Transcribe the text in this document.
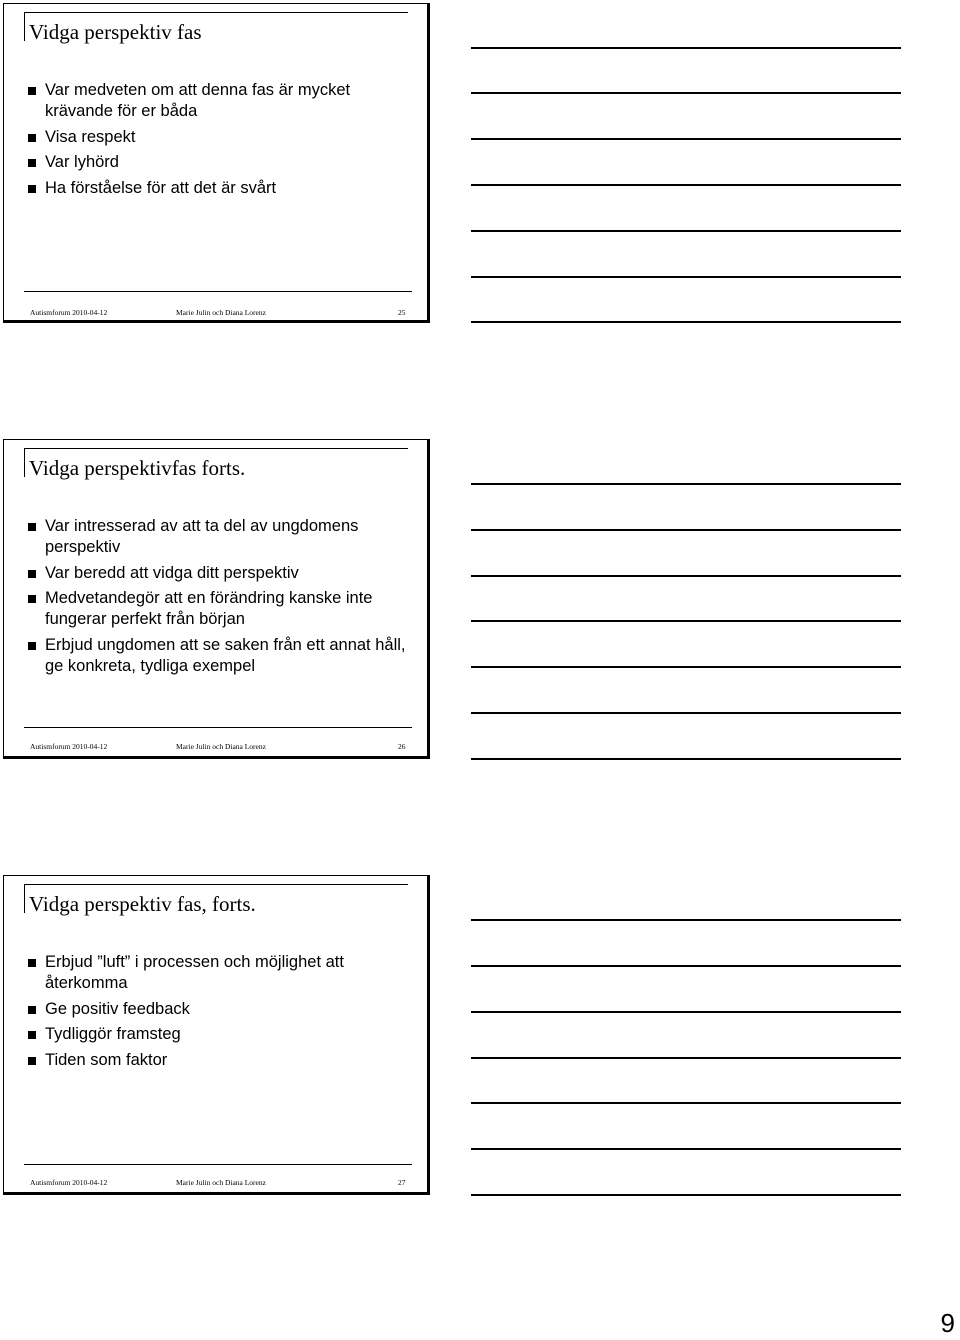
Vidga perspektiv fas
Var medveten om att denna fas är mycket krävande för er båda
Visa respekt
Var lyhörd
Ha förståelse för att det är svårt
Autismforum 2010-04-12	Marie Julin och Diana Lorenz	25
Vidga perspektivfas forts.
Var intresserad av att ta del av ungdomens perspektiv
Var beredd att vidga ditt perspektiv
Medvetandegör att en förändring kanske inte fungerar perfekt från början
Erbjud ungdomen att se saken från ett annat håll, ge konkreta, tydliga exempel
Autismforum 2010-04-12	Marie Julin och Diana Lorenz	26
Vidga perspektiv fas, forts.
Erbjud ”luft” i processen och möjlighet att återkomma
Ge positiv feedback
Tydliggör framsteg
Tiden som faktor
Autismforum 2010-04-12	Marie Julin och Diana Lorenz	27
9
